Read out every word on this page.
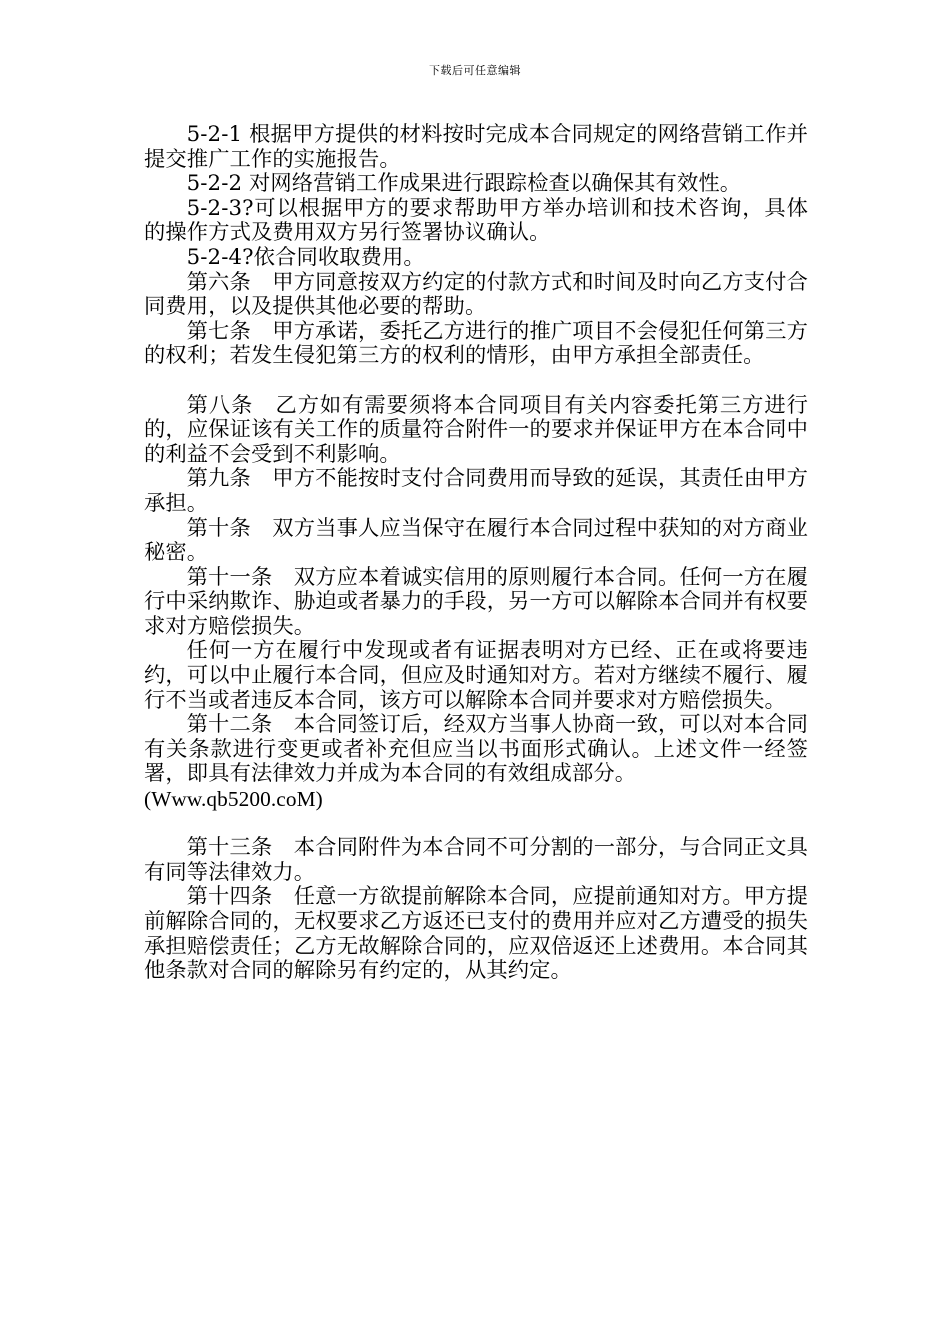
下载后可任意编辑

5-2-1 根据甲方提供的材料按时完成本合同规定的网络营销工作并提交推广工作的实施报告。

5-2-2 对网络营销工作成果进行跟踪检查以确保其有效性。

5-2-3?可以根据甲方的要求帮助甲方举办培训和技术咨询，具体的操作方式及费用双方另行签署协议确认。

5-2-4?依合同收取费用。

第六条　甲方同意按双方约定的付款方式和时间及时向乙方支付合同费用，以及提供其他必要的帮助。

第七条　甲方承诺，委托乙方进行的推广项目不会侵犯任何第三方的权利；若发生侵犯第三方的权利的情形，由甲方承担全部责任。

第八条　乙方如有需要须将本合同项目有关内容委托第三方进行的，应保证该有关工作的质量符合附件一的要求并保证甲方在本合同中的利益不会受到不利影响。

第九条　甲方不能按时支付合同费用而导致的延误，其责任由甲方承担。

第十条　双方当事人应当保守在履行本合同过程中获知的对方商业秘密。

第十一条　双方应本着诚实信用的原则履行本合同。任何一方在履行中采纳欺诈、胁迫或者暴力的手段，另一方可以解除本合同并有权要求对方赔偿损失。

任何一方在履行中发现或者有证据表明对方已经、正在或将要违约，可以中止履行本合同，但应及时通知对方。若对方继续不履行、履行不当或者违反本合同，该方可以解除本合同并要求对方赔偿损失。

第十二条　本合同签订后，经双方当事人协商一致，可以对本合同有关条款进行变更或者补充但应当以书面形式确认。上述文件一经签署，即具有法律效力并成为本合同的有效组成部分。

(Www.qb5200.coM)

第十三条　本合同附件为本合同不可分割的一部分，与合同正文具有同等法律效力。

第十四条　任意一方欲提前解除本合同，应提前通知对方。甲方提前解除合同的，无权要求乙方返还已支付的费用并应对乙方遭受的损失承担赔偿责任；乙方无故解除合同的，应双倍返还上述费用。本合同其他条款对合同的解除另有约定的，从其约定。
